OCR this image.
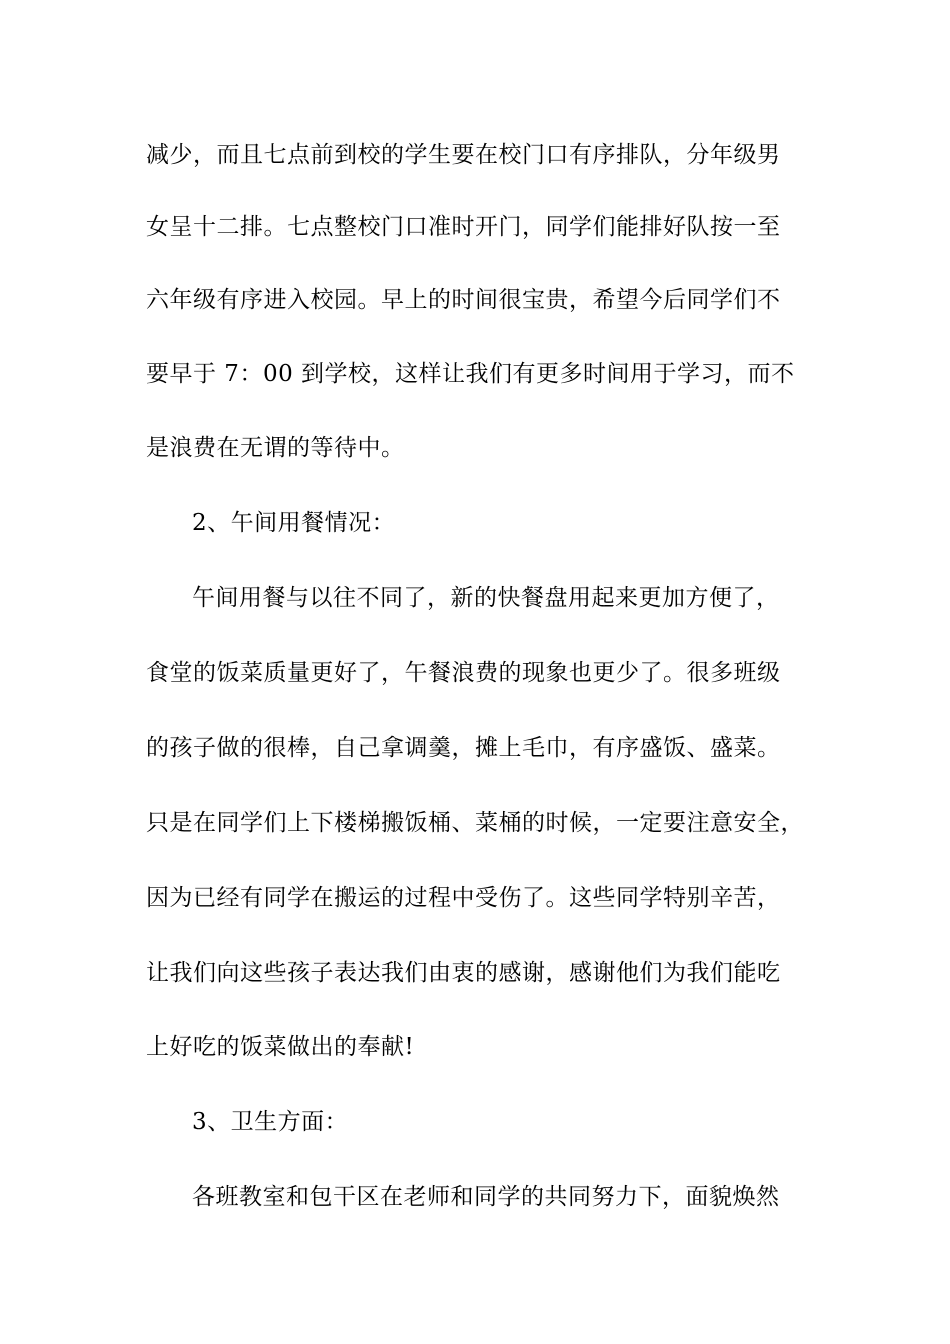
减少，而且七点前到校的学生要在校门口有序排队，分年级男
女呈十二排。七点整校门口准时开门，同学们能排好队按一至
六年级有序进入校园。早上的时间很宝贵，希望今后同学们不
要早于 7：00 到学校，这样让我们有更多时间用于学习，而不
是浪费在无谓的等待中。
2、午间用餐情况：
午间用餐与以往不同了，新的快餐盘用起来更加方便了，
食堂的饭菜质量更好了，午餐浪费的现象也更少了。很多班级
的孩子做的很棒，自己拿调羹，摊上毛巾，有序盛饭、盛菜。
只是在同学们上下楼梯搬饭桶、菜桶的时候，一定要注意安全，
因为已经有同学在搬运的过程中受伤了。这些同学特别辛苦，
让我们向这些孩子表达我们由衷的感谢，感谢他们为我们能吃
上好吃的饭菜做出的奉献!
3、卫生方面：
各班教室和包干区在老师和同学的共同努力下，面貌焕然
